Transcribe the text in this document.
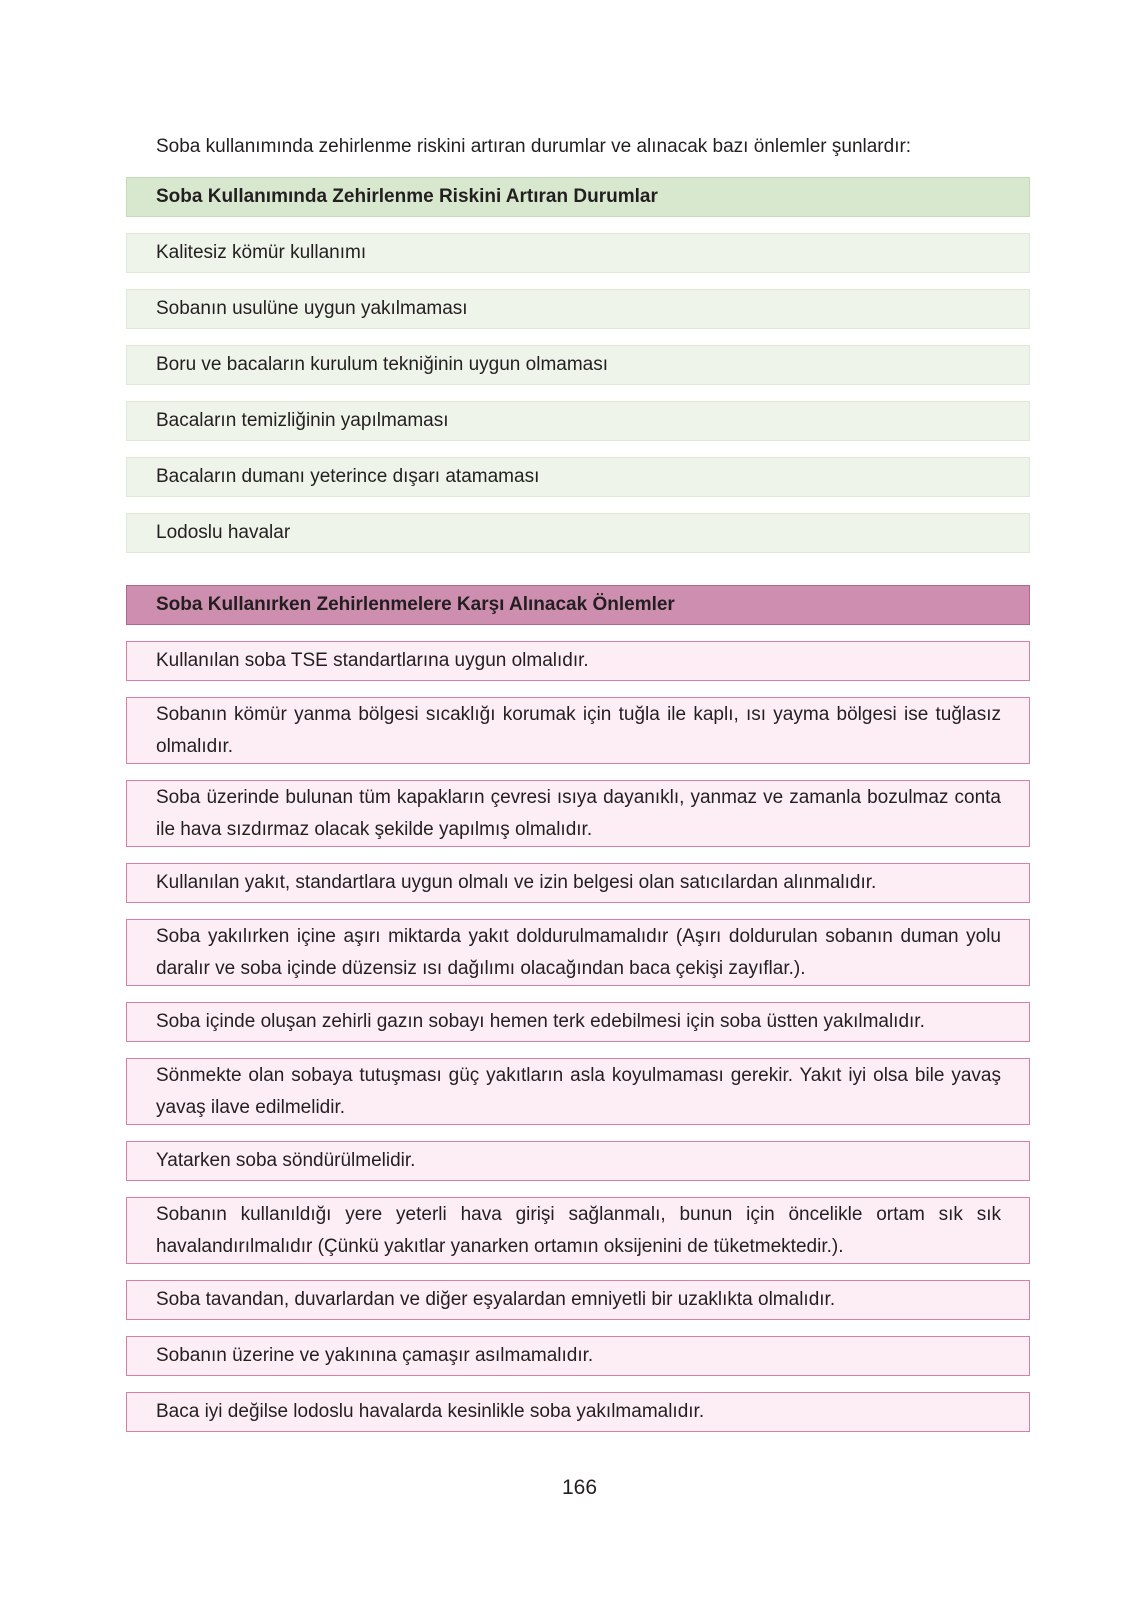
Soba kullanımında zehirlenme riskini artıran durumlar ve alınacak bazı önlemler şunlardır:
Soba Kullanımında Zehirlenme Riskini Artıran Durumlar
Kalitesiz kömür kullanımı
Sobanın usulüne uygun yakılmaması
Boru ve bacaların kurulum tekniğinin uygun olmaması
Bacaların temizliğinin yapılmaması
Bacaların dumanı yeterince dışarı atamaması
Lodoslu havalar
Soba Kullanırken Zehirlenmelere Karşı Alınacak Önlemler
Kullanılan soba TSE standartlarına uygun olmalıdır.
Sobanın kömür yanma bölgesi sıcaklığı korumak için tuğla ile kaplı, ısı yayma bölgesi ise tuğlasız olmalıdır.
Soba üzerinde bulunan tüm kapakların çevresi ısıya dayanıklı, yanmaz ve zamanla bozulmaz conta ile hava sızdırmaz olacak şekilde yapılmış olmalıdır.
Kullanılan yakıt, standartlara uygun olmalı ve izin belgesi olan satıcılardan alınmalıdır.
Soba yakılırken içine aşırı miktarda yakıt doldurulmamalıdır (Aşırı doldurulan sobanın duman yolu daralır ve soba içinde düzensiz ısı dağılımı olacağından baca çekişi zayıflar.).
Soba içinde oluşan zehirli gazın sobayı hemen terk edebilmesi için soba üstten yakılmalıdır.
Sönmekte olan sobaya tutuşması güç yakıtların asla koyulmaması gerekir. Yakıt iyi olsa bile yavaş yavaş ilave edilmelidir.
Yatarken soba söndürülmelidir.
Sobanın kullanıldığı yere yeterli hava girişi sağlanmalı, bunun için öncelikle ortam sık sık havalandırılmalıdır (Çünkü yakıtlar yanarken ortamın oksijenini de tüketmektedir.).
Soba tavandan, duvarlardan ve diğer eşyalardan emniyetli bir uzaklıkta olmalıdır.
Sobanın üzerine ve yakınına çamaşır asılmamalıdır.
Baca iyi değilse lodoslu havalarda kesinlikle soba yakılmamalıdır.
166
